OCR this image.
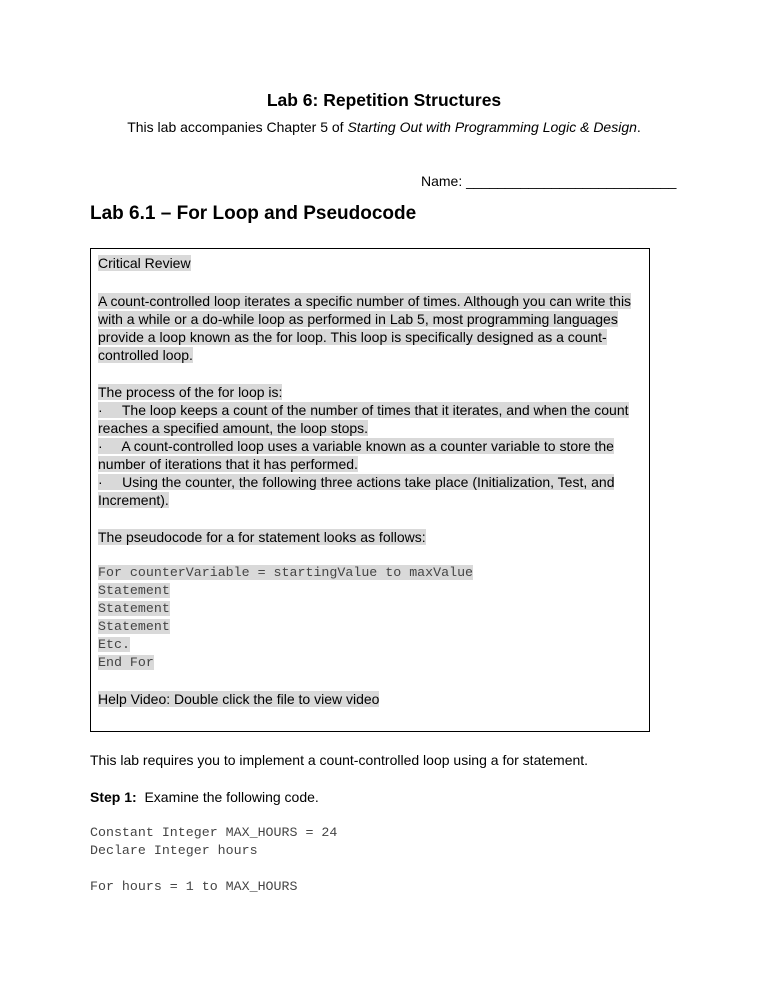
Lab 6: Repetition Structures
This lab accompanies Chapter 5 of Starting Out with Programming Logic & Design.
Name: ___________________________
Lab 6.1 – For Loop and Pseudocode
Critical Review
A count-controlled loop iterates a specific number of times. Although you can write this
with a while or a do-while loop as performed in Lab 5, most programming languages
provide a loop known as the for loop. This loop is specifically designed as a count-
controlled loop.
The process of the for loop is:
·     The loop keeps a count of the number of times that it iterates, and when the count
reaches a specified amount, the loop stops.
·     A count-controlled loop uses a variable known as a counter variable to store the
number of iterations that it has performed.
·     Using the counter, the following three actions take place (Initialization, Test, and
Increment).
The pseudocode for a for statement looks as follows:
For counterVariable = startingValue to maxValue
Statement
Statement
Statement
Etc.
End For
Help Video: Double click the file to view video
This lab requires you to implement a count-controlled loop using a for statement.
Step 1:  Examine the following code.
Constant Integer MAX_HOURS = 24
Declare Integer hours
For hours = 1 to MAX_HOURS
